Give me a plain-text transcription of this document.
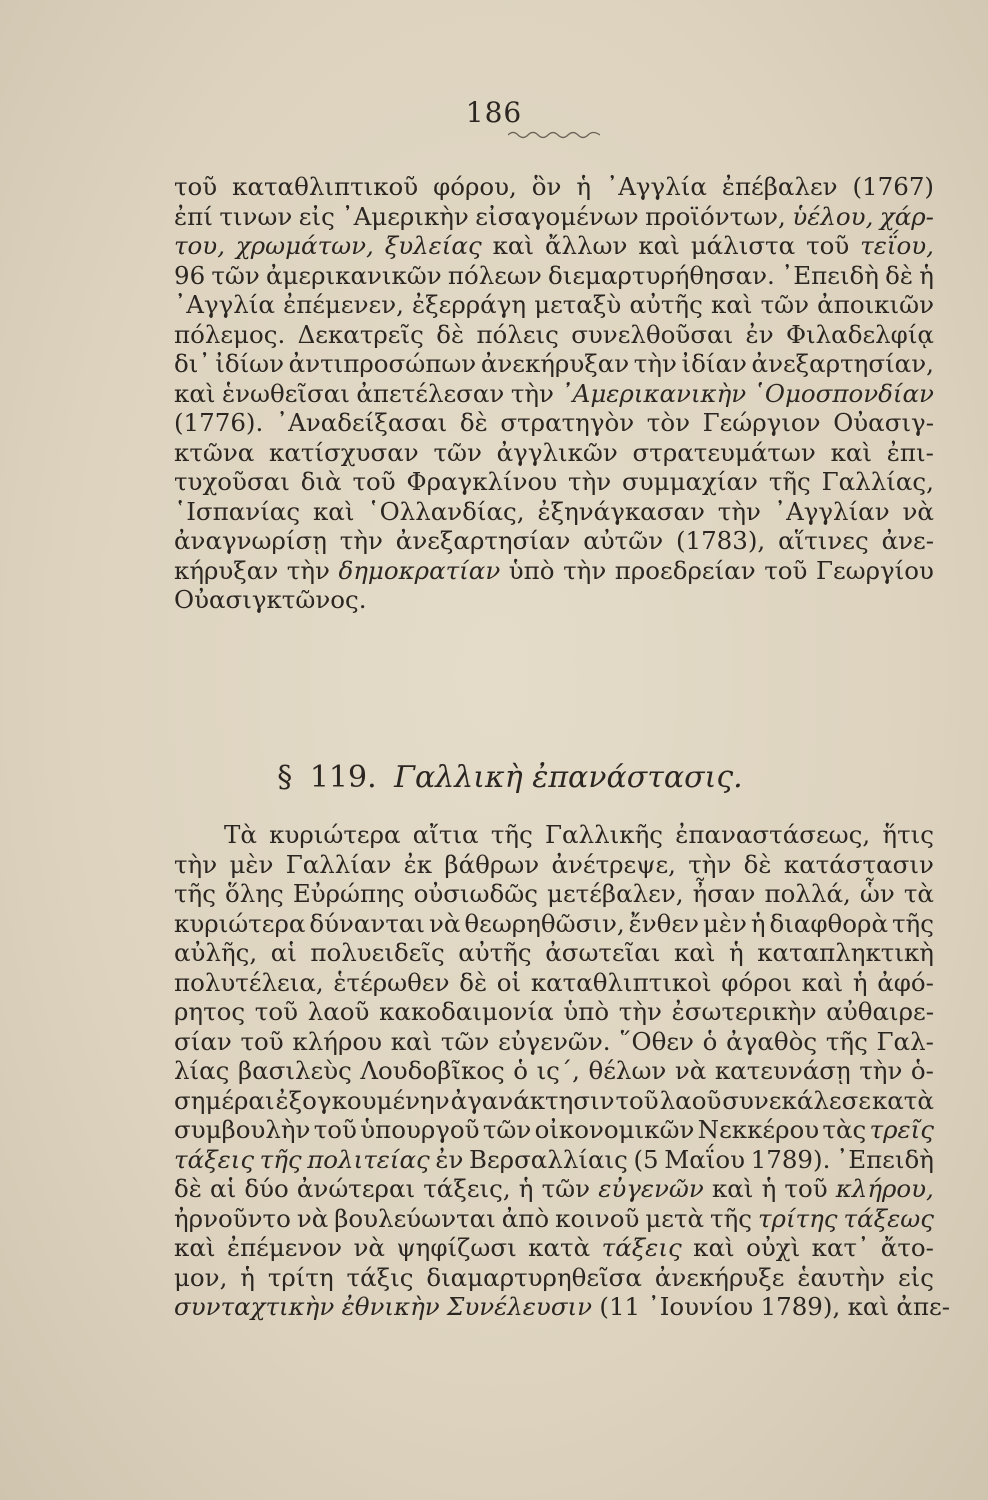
186
τοῦ καταθλιπτικοῦ φόρου, ὃν ἡ ᾿Αγγλία ἐπέβαλεν (1767)
ἐπί τινων εἰς ᾿Αμερικὴν εἰσαγομένων προϊόντων, ὑέλου, χάρ-
του, χρωμάτων, ξυλείας καὶ ἄλλων καὶ μάλιστα τοῦ τεΐου,
96 τῶν ἀμερικανικῶν πόλεων διεμαρτυρήθησαν. ᾿Επειδὴ δὲ ἡ
᾿Αγγλία ἐπέμενεν, ἐξερράγη μεταξὺ αὐτῆς καὶ τῶν ἀποικιῶν
πόλεμος. Δεκατρεῖς δὲ πόλεις συνελθοῦσαι ἐν Φιλαδελφίᾳ
δι᾿ ἰδίων ἀντιπροσώπων ἀνεκήρυξαν τὴν ἰδίαν ἀνεξαρτησίαν,
καὶ ἑνωθεῖσαι ἀπετέλεσαν τὴν ᾿Αμερικανικὴν ῾Ομοσπονδίαν
(1776). ᾿Αναδείξασαι δὲ στρατηγὸν τὸν Γεώργιον Οὐασιγ-
κτῶνα κατίσχυσαν τῶν ἀγγλικῶν στρατευμάτων καὶ ἐπι-
τυχοῦσαι διὰ τοῦ Φραγκλίνου τὴν συμμαχίαν τῆς Γαλλίας,
῾Ισπανίας καὶ ῾Ολλανδίας, ἐξηνάγκασαν τὴν ᾿Αγγλίαν νὰ
ἀναγνωρίσῃ τὴν ἀνεξαρτησίαν αὐτῶν (1783), αἵτινες ἀνε-
κήρυξαν τὴν δημοκρατίαν ὑπὸ τὴν προεδρείαν τοῦ Γεωργίου
Οὐασιγκτῶνος.
§ 119. Γαλλικὴ ἐπανάστασις.
Τὰ κυριώτερα αἴτια τῆς Γαλλικῆς ἐπαναστάσεως, ἥτις
τὴν μὲν Γαλλίαν ἐκ βάθρων ἀνέτρεψε, τὴν δὲ κατάστασιν
τῆς ὅλης Εὐρώπης οὐσιωδῶς μετέβαλεν, ἦσαν πολλά, ὧν τὰ
κυριώτερα δύνανται νὰ θεωρηθῶσιν, ἔνθεν μὲν ἡ διαφθορὰ τῆς
αὐλῆς, αἱ πολυειδεῖς αὐτῆς ἀσωτεῖαι καὶ ἡ καταπληκτικὴ
πολυτέλεια, ἑτέρωθεν δὲ οἱ καταθλιπτικοὶ φόροι καὶ ἡ ἀφό-
ρητος τοῦ λαοῦ κακοδαιμονία ὑπὸ τὴν ἐσωτερικὴν αὐθαιρε-
σίαν τοῦ κλήρου καὶ τῶν εὐγενῶν. ῞Οθεν ὁ ἀγαθὸς τῆς Γαλ-
λίας βασιλεὺς Λουδοβῖκος ὁ ις΄, θέλων νὰ κατευνάσῃ τὴν ὁ-
σημέραι ἐξογκουμένην ἀγανάκτησιν τοῦ λαοῦ συνεκάλεσε κατὰ
συμβουλὴν τοῦ ὑπουργοῦ τῶν οἰκονομικῶν Νεκκέρου τὰς τρεῖς
τάξεις τῆς πολιτείας ἐν Βερσαλλίαις (5 Μαΐου 1789). ᾿Επειδὴ
δὲ αἱ δύο ἀνώτεραι τάξεις, ἡ τῶν εὐγενῶν καὶ ἡ τοῦ κλήρου,
ἠρνοῦντο νὰ βουλεύωνται ἀπὸ κοινοῦ μετὰ τῆς τρίτης τάξεως
καὶ ἐπέμενον νὰ ψηφίζωσι κατὰ τάξεις καὶ οὐχὶ κατ᾿ ἄτο-
μον, ἡ τρίτη τάξις διαμαρτυρηθεῖσα ἀνεκήρυξε ἑαυτὴν εἰς
συνταχτικὴν ἐθνικὴν Συνέλευσιν (11 ᾿Ιουνίου 1789), καὶ ἀπε-
